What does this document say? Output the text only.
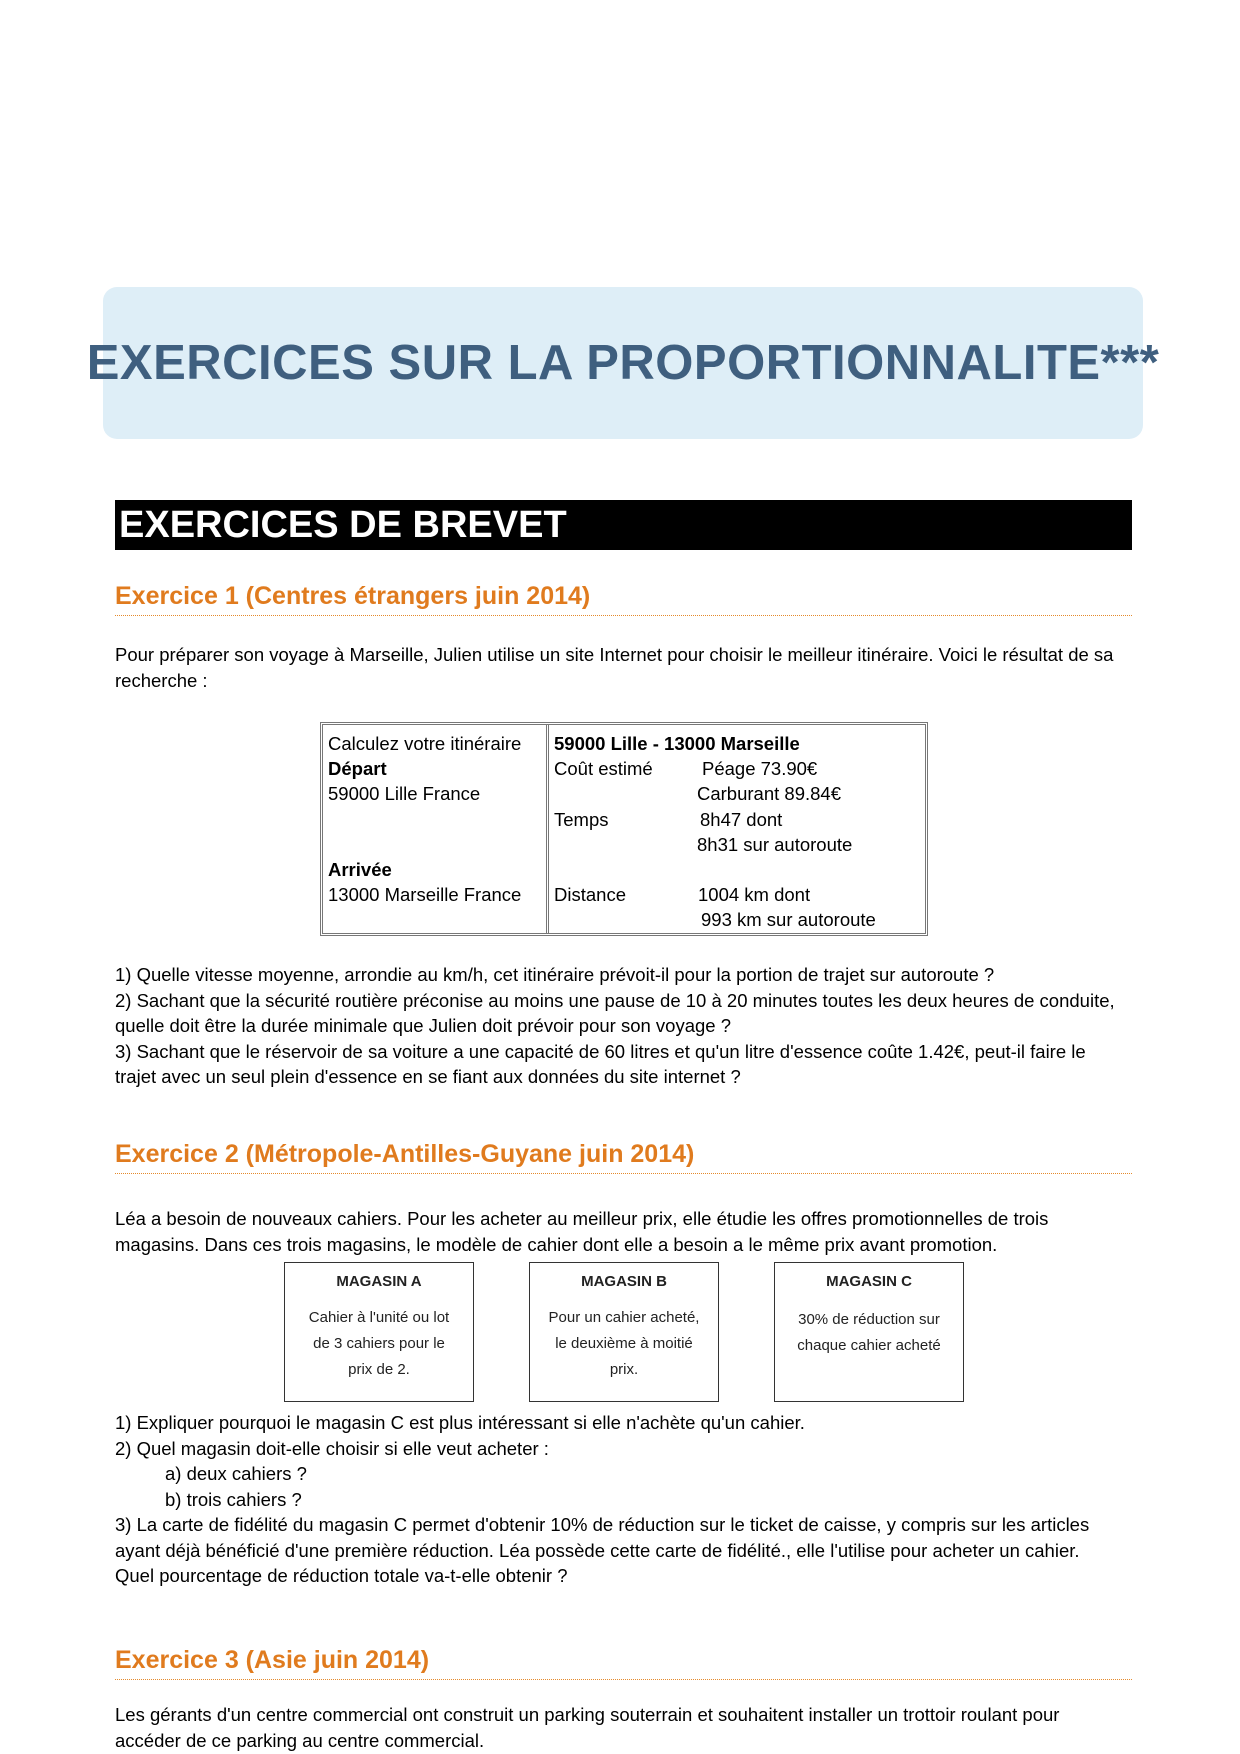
EXERCICES SUR LA PROPORTIONNALITE***
EXERCICES DE BREVET
Exercice 1 (Centres étrangers juin 2014)

Pour préparer son voyage à Marseille, Julien utilise un site Internet pour choisir le meilleur itinéraire. Voici le résultat de sa

recherche :

Calculez votre itinéraire
Départ
59000 Lille France
Arrivée
13000 Marseille France
59000 Lille - 13000 Marseille
Coût estimé	Péage 73.90€
Carburant 89.84€
Temps	8h47 dont
8h31 sur autoroute
Distance	1004 km dont
993 km sur autoroute

1) Quelle vitesse moyenne, arrondie au km/h, cet itinéraire prévoit-il pour la portion de trajet sur autoroute ?

2) Sachant que la sécurité routière préconise au moins une pause de 10 à 20 minutes toutes les deux heures de conduite,

quelle doit être la durée minimale que Julien doit prévoir pour son voyage ?

3) Sachant que le réservoir de sa voiture a une capacité de 60 litres et qu'un litre d'essence coûte 1.42€, peut-il faire le

trajet avec un seul plein d'essence en se fiant aux données du site internet ?

Exercice 2 (Métropole-Antilles-Guyane juin 2014)

Léa a besoin de nouveaux cahiers. Pour les acheter au meilleur prix, elle étudie les offres promotionnelles de trois

magasins. Dans ces trois magasins, le modèle de cahier dont elle a besoin a le même prix avant promotion.

MAGASIN A
Cahier à l'unité ou lot
de 3 cahiers pour le
prix de 2.
MAGASIN B
Pour un cahier acheté,
le deuxième à moitié
prix.
MAGASIN C
30% de réduction sur
chaque cahier acheté

1) Expliquer pourquoi le magasin C est plus intéressant si elle n'achète qu'un cahier.

2) Quel magasin doit-elle choisir si elle veut acheter :

a) deux cahiers ?

b) trois cahiers ?

3) La carte de fidélité du magasin C permet d'obtenir 10% de réduction sur le ticket de caisse, y compris sur les articles

ayant déjà bénéficié d'une première réduction. Léa possède cette carte de fidélité., elle l'utilise pour acheter un cahier.

Quel pourcentage de réduction totale va-t-elle obtenir ?

Exercice 3 (Asie juin 2014)

Les gérants d'un centre commercial ont construit un parking souterrain et souhaitent installer un trottoir roulant pour

accéder de ce parking au centre commercial.
